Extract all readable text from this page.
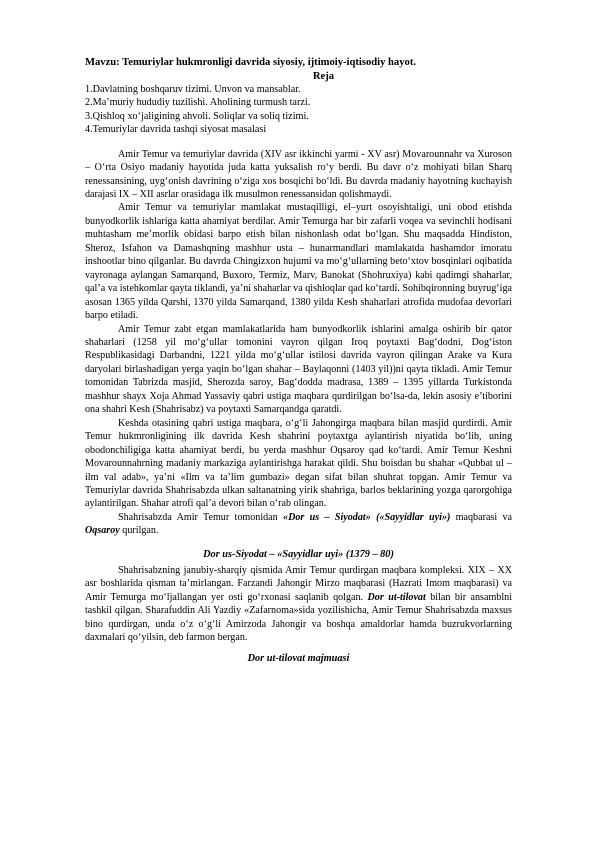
Mavzu: Temuriylar hukmronligi davrida siyosiy, ijtimoiy-iqtisodiy hayot.

Reja

1.Davlatning boshqaruv tizimi. Unvon va mansablar.
2.Ma’muriy hududiy tuzilishi. Aholining turmush tarzi.
3.Qishloq xo‘jaligining ahvoli. Soliqlar va soliq tizimi.
4.Temuriylar davrida tashqi siyosat masalasi

Amir Temur va temuriylar davrida (XIV asr ikkinchi yarmi - XV asr) Movarounnahr va Xuroson – O‘rta Osiyo madaniy hayotida juda katta yuksalish ro‘y berdi. Bu davr o‘z mohiyati bilan Sharq renessansining, uyg‘onish davrining o‘ziga xos bosqichi bo‘ldi. Bu davrda madaniy hayotning kuchayish darajasi IX – XII asrlar orasidaga ilk musulmon renessansidan qolishmaydi.

Amir Temur va temuriylar mamlakat mustaqilligi, el–yurt osoyishtaligi, uni obod etishda bunyodkorlik ishlariga katta ahamiyat berdilar. Amir Temurga har bir zafarli voqea va sevinchli hodisani muhtasham me’morlik obidasi barpo etish bilan nishonlash odat bo‘lgan. Shu maqsadda Hindiston, Sheroz, Isfahon va Damashqning mashhur usta – hunarmandlari mamlakatda hashamdor imoratu inshootlar bino qilganlar. Bu davrda Chingizxon hujumi va mo‘g‘ullarning beto‘xtov bosqinlari oqibatida vayronaga aylangan Samarqand, Buxoro, Termiz, Marv, Banokat (Shohruxiya) kabi qadimgi shaharlar, qal’a va istehkomlar qayta tiklandi, ya’ni shaharlar va qishloqlar qad ko‘tardi. Sohibqironning buyrug‘iga asosan 1365 yilda Qarshi, 1370 yilda Samarqand, 1380 yilda Kesh shaharlari atrofida mudofaa devorlari barpo etiladi.

Amir Temur zabt etgan mamlakatlarida ham bunyodkorlik ishlarini amalga oshirib bir qator shaharlari (1258 yil mo‘g‘ullar tomonini vayron qilgan Iroq poytaxti Bag‘dodni, Dog‘iston Respublikasidagi Darbandni, 1221 yilda mo‘g‘ullar istilosi davrida vayron qilingan Arake va Kura daryolari birlashadigan yerga yaqin bo‘lgan shahar – Baylaqonni (1403 yil))ni qayta tikladi. Amir Temur tomonidan Tabrizda masjid, Sherozda saroy, Bag‘dodda madrasa, 1389 – 1395 yillarda Turkistonda mashhur shayx Xoja Ahmad Yassaviy qabri ustiga maqbara qurdirilgan bo‘lsa-da, lekin asosiy e’tiborini ona shahri Kesh (Shahrisabz) va poytaxti Samarqandga qaratdi.

Keshda otasining qabri ustiga maqbara, o‘g‘li Jahongirga maqbara bilan masjid qurdirdi. Amir Temur hukmronligining ilk davrida Kesh shahrini poytaxtga aylantirish niyatida bo‘lib, uning obodonchiligiga katta ahamiyat berdi, bu yerda mashhur Oqsaroy qad ko‘tardi. Amir Temur Keshni Movarounnahrning madaniy markaziga aylantirishga harakat qildi. Shu boisdan bu shahar «Qubbat ul – ilm val adab», ya’ni «Ilm va ta’lim gumbazi» degan sifat bilan shuhrat topgan. Amir Temur va Temuriylar davrida Shahrisabzda ulkan saltanatning yirik shahriga, barlos beklarining yozga qarorgohiga aylantirilgan. Shahar atrofi qal’a devori bilan o‘rab olingan.

Shahrisabzda Amir Temur tomonidan «Dor us – Siyodat» («Sayyidlar uyi») maqbarasi va Oqsaroy qurilgan.

Dor us-Siyodat – «Sayyidlar uyi» (1379 – 80)

Shahrisabzning janubiy-sharqiy qismida Amir Temur qurdirgan maqbara kompleksi. XIX – XX asr boshlarida qisman ta’mirlangan. Farzandi Jahongir Mirzo maqbarasi (Hazrati Imom maqbarasi) va Amir Temurga mo‘ljallangan yer osti go‘rxonasi saqlanib qolgan. Dor ut-tilovat bilan bir ansamblni tashkil qilgan. Sharafuddin Ali Yazdiy «Zafarnoma»sida yozilishicha, Amir Temur Shahrisabzda maxsus bino qurdirgan, unda o‘z o‘g‘li Amirzoda Jahongir va boshqa amaldorlar hamda buzrukvorlarning daxmalari qo‘yilsin, deb farmon bergan.

Dor ut-tilovat majmuasi
